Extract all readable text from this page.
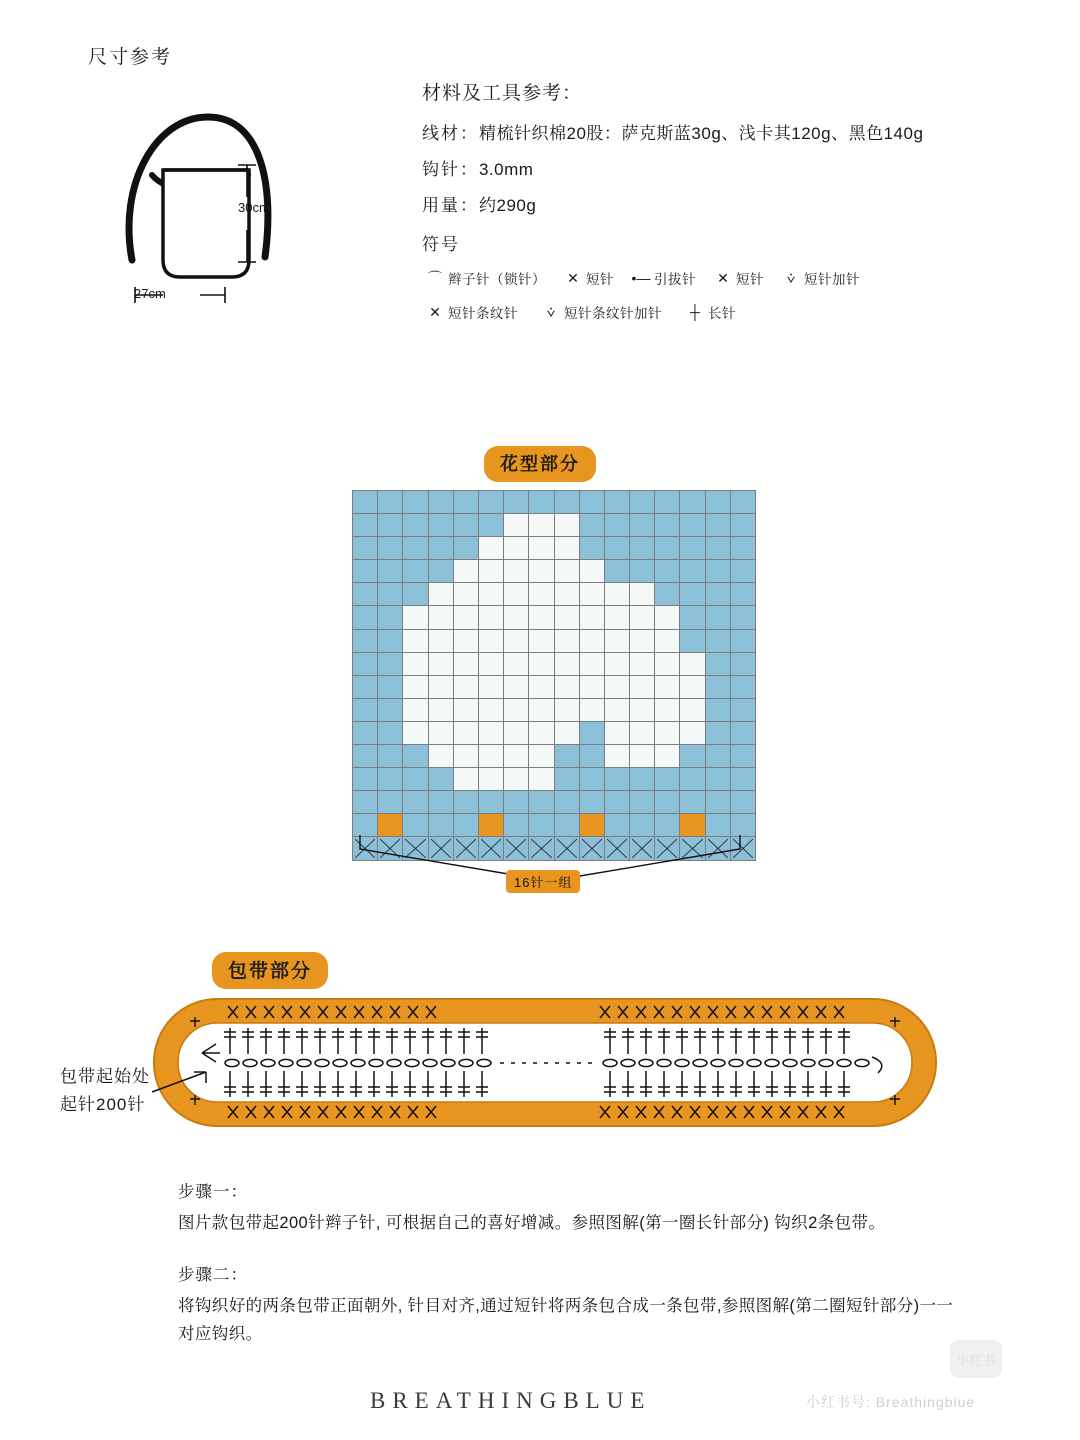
尺寸参考
30cm
27cm
材料及工具参考：
线材：精梳针织棉20股：萨克斯蓝30g、浅卡其120g、黑色140g
钩针：3.0mm
用量：约290g
符号
⌒ 辫子针（锁针）	✕ 短针 •— 引拔针	✕ 短针	⩒ 短针加针
✕ 短针条纹针	⩒ 短针条纹针加针	┼ 长针
花型部分

16针一组
包带部分
包带起始处
起针200针
步骤一：
图片款包带起200针辫子针, 可根据自己的喜好增减。参照图解(第一圈长针部分) 钩织2条包带。
步骤二：
将钩织好的两条包带正面朝外, 针目对齐,通过短针将两条包合成一条包带,参照图解(第二圈短针部分)一一对应钩织。
BREATHINGBLUE	小红书号: Breathingblue
小红书
